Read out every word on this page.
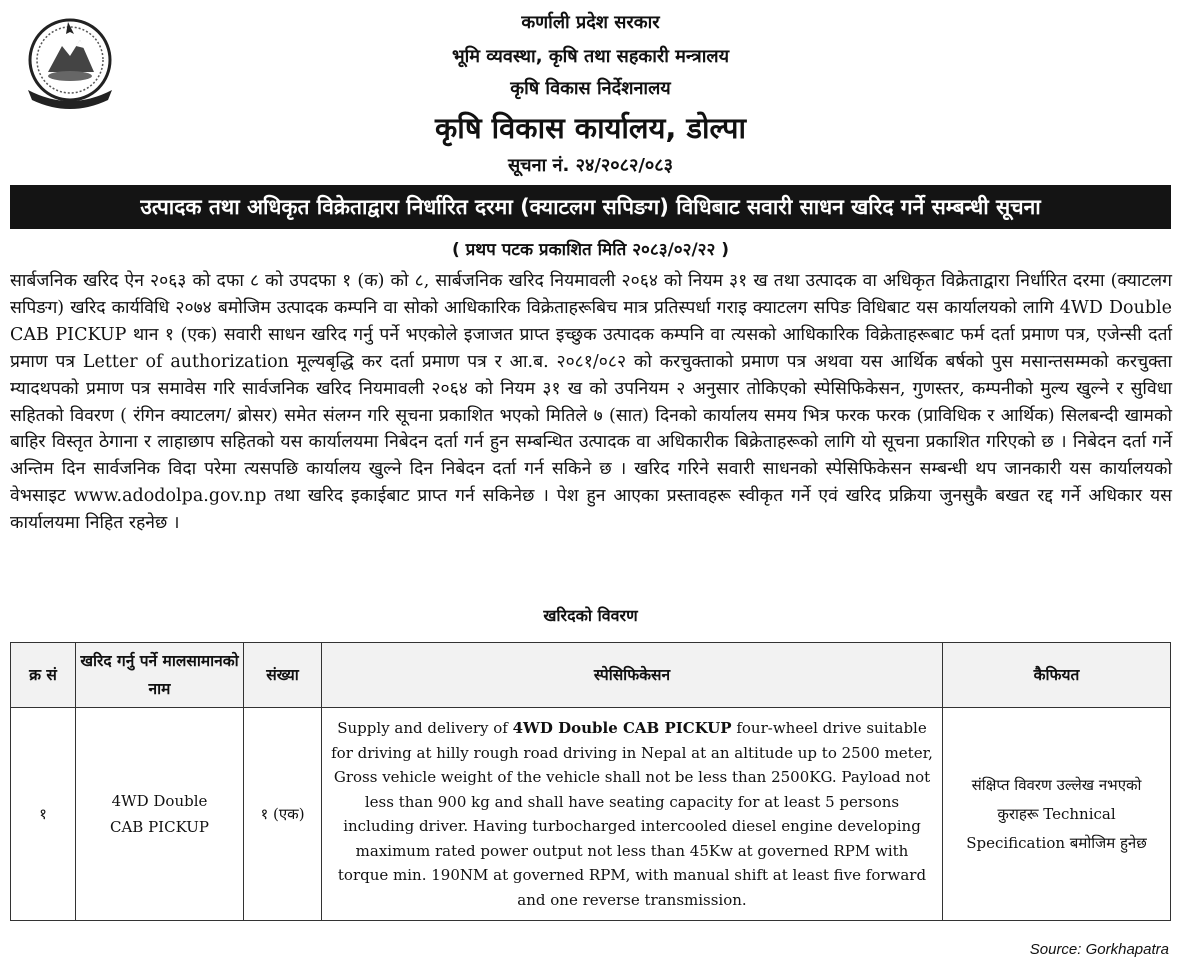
कर्णाली प्रदेश सरकार
भूमि व्यवस्था, कृषि तथा सहकारी मन्त्रालय
कृषि विकास निर्देशनालय
कृषि विकास कार्यालय, डोल्पा
सूचना नं. २४/२०८२/०८३
उत्पादक तथा अधिकृत विक्रेताद्वारा निर्धारित दरमा (क्याटलग सपिङग) विधिबाट सवारी साधन खरिद गर्ने सम्बन्धी सूचना
( प्रथप पटक प्रकाशित मिति २०८३/०२/२२ )
सार्बजनिक खरिद ऐन २०६३ को दफा ८ को उपदफा १ (क) को ८, सार्बजनिक खरिद नियमावली २०६४ को नियम ३१ ख तथा उत्पादक वा अधिकृत विक्रेताद्वारा निर्धारित दरमा (क्याटलग सपिङग) खरिद कार्यविधि २०७४ बमोजिम उत्पादक कम्पनि वा सोको आधिकारिक विक्रेताहरूबिच मात्र प्रतिस्पर्धा गराइ क्याटलग सपिङ विधिबाट यस कार्यालयको लागि 4WD Double CAB PICKUP थान १ (एक) सवारी साधन खरिद गर्नु पर्ने भएकोले इजाजत प्राप्त इच्छुक उत्पादक कम्पनि वा त्यसको आधिकारिक विक्रेताहरूबाट फर्म दर्ता प्रमाण पत्र, एजेन्सी दर्ता प्रमाण पत्र Letter of authorization मूल्यबृद्धि कर दर्ता प्रमाण पत्र र आ.ब. २०८१/०८२ को करचुक्ताको प्रमाण पत्र अथवा यस आर्थिक बर्षको पुस मसान्तसम्मको करचुक्ता म्यादथपको प्रमाण पत्र समावेस गरि सार्वजनिक खरिद नियमावली २०६४ को नियम ३१ ख को उपनियम २ अनुसार तोकिएको स्पेसिफिकेसन, गुणस्तर, कम्पनीको मुल्य खुल्ने र सुविधा सहितको विवरण ( रंगिन क्याटलग/ ब्रोसर) समेत संलग्न गरि सूचना प्रकाशित भएको मितिले ७ (सात) दिनको कार्यालय समय भित्र फरक फरक (प्राविधिक र आर्थिक) सिलबन्दी खामको बाहिर विस्तृत ठेगाना र लाहाछाप सहितको यस कार्यालयमा निबेदन दर्ता गर्न हुन सम्बन्धित उत्पादक वा अधिकारीक बिक्रेताहरूको लागि यो सूचना प्रकाशित गरिएको छ । निबेदन दर्ता गर्ने अन्तिम दिन सार्वजनिक विदा परेमा त्यसपछि कार्यालय खुल्ने दिन निबेदन दर्ता गर्न सकिने छ । खरिद गरिने सवारी साधनको स्पेसिफिकेसन सम्बन्धी थप जानकारी यस कार्यालयको वेभसाइट www.adodolpa.gov.np तथा खरिद इकाईबाट प्राप्त गर्न सकिनेछ । पेश हुन आएका प्रस्तावहरू स्वीकृत गर्ने एवं खरिद प्रक्रिया जुनसुकै बखत रद्द गर्ने अधिकार यस कार्यालयमा निहित रहनेछ ।
खरिदको विवरण
क्र सं	खरिद गर्नु पर्ने मालसामानको नाम	संख्या	स्पेसिफिकेसन	कैफियत
१	4WD Double CAB PICKUP	१ (एक)	Supply and delivery of 4WD Double CAB PICKUP four-wheel drive suitable for driving at hilly rough road driving in Nepal at an altitude up to 2500 meter, Gross vehicle weight of the vehicle shall not be less than 2500KG. Payload not less than 900 kg and shall have seating capacity for at least 5 persons including driver. Having turbocharged intercooled diesel engine developing maximum rated power output not less than 45Kw at governed RPM with torque min. 190NM at governed RPM, with manual shift at least five forward and one reverse transmission.	संक्षिप्त विवरण उल्लेख नभएको कुराहरू Technical Specification बमोजिम हुनेछ
Source: Gorkhapatra
